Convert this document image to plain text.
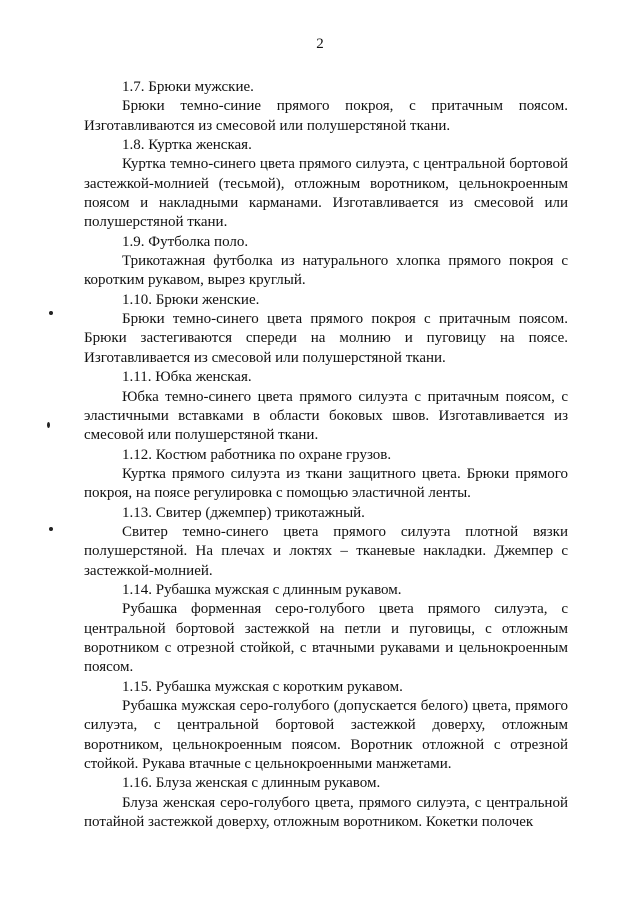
2

1.7. Брюки мужские.

Брюки темно-синие прямого покроя, с притачным поясом. Изготавливаются из смесовой или полушерстяной ткани.

1.8. Куртка женская.

Куртка темно-синего цвета прямого силуэта, с центральной бортовой застежкой-молнией (тесьмой), отложным воротником, цельнокроенным поясом и накладными карманами. Изготавливается из смесовой или полушерстяной ткани.

1.9. Футболка поло.

Трикотажная футболка из натурального хлопка прямого покроя с коротким рукавом, вырез круглый.

1.10. Брюки женские.

Брюки темно-синего цвета прямого покроя с притачным поясом. Брюки застегиваются спереди на молнию и пуговицу на поясе. Изготавливается из смесовой или полушерстяной ткани.

1.11. Юбка женская.

Юбка темно-синего цвета прямого силуэта с притачным поясом, с эластичными вставками в области боковых швов. Изготавливается из смесовой или полушерстяной ткани.

1.12. Костюм работника по охране грузов.

Куртка прямого силуэта из ткани защитного цвета. Брюки прямого покроя, на поясе регулировка с помощью эластичной ленты.

1.13. Свитер (джемпер) трикотажный.

Свитер темно-синего цвета прямого силуэта плотной вязки полушерстяной. На плечах и локтях – тканевые накладки. Джемпер с застежкой-молнией.

1.14. Рубашка мужская с длинным рукавом.

Рубашка форменная серо-голубого цвета прямого силуэта, с центральной бортовой застежкой на петли и пуговицы, с отложным воротником с отрезной стойкой, с втачными рукавами и цельнокроенным поясом.

1.15. Рубашка мужская с коротким рукавом.

Рубашка мужская серо-голубого (допускается белого) цвета, прямого силуэта, с центральной бортовой застежкой доверху, отложным воротником, цельнокроенным поясом. Воротник отложной с отрезной стойкой. Рукава втачные с цельнокроенными манжетами.

1.16. Блуза женская с длинным рукавом.

Блуза женская серо-голубого цвета, прямого силуэта, с центральной потайной застежкой доверху, отложным воротником. Кокетки полочек
